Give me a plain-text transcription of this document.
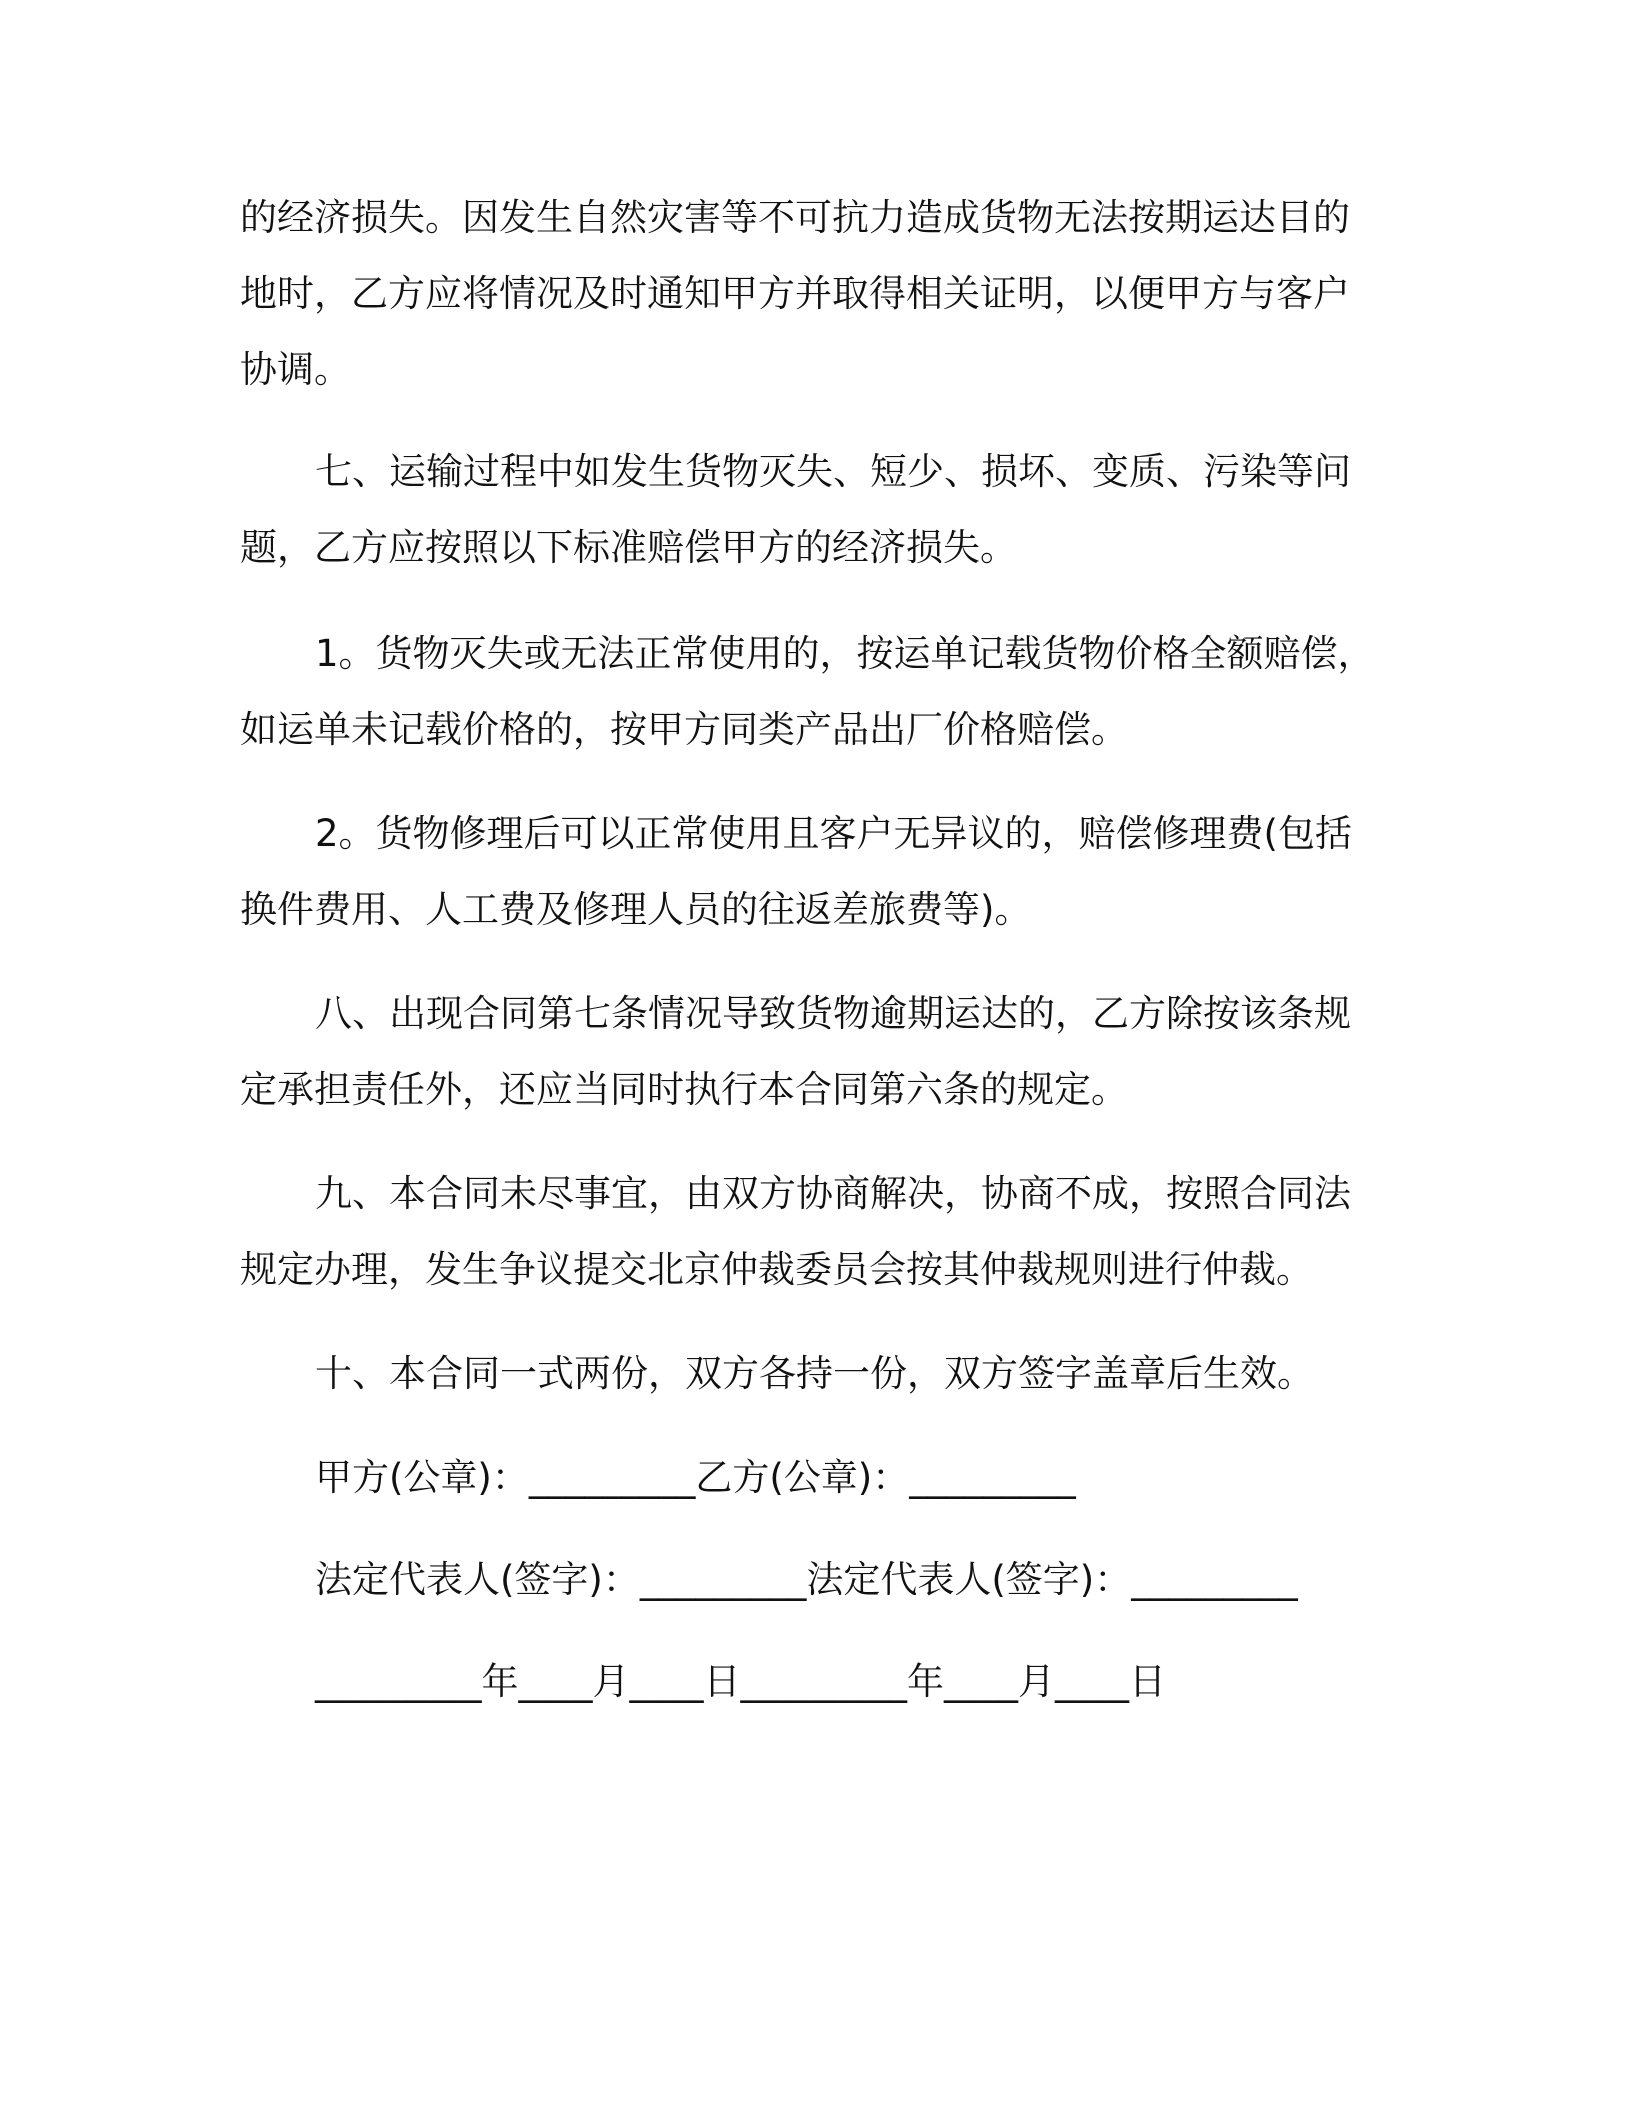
的经济损失。因发生自然灾害等不可抗力造成货物无法按期运达目的
地时，乙方应将情况及时通知甲方并取得相关证明，以便甲方与客户
协调。
七、运输过程中如发生货物灭失、短少、损坏、变质、污染等问
题，乙方应按照以下标准赔偿甲方的经济损失。
1。货物灭失或无法正常使用的，按运单记载货物价格全额赔偿，
如运单未记载价格的，按甲方同类产品出厂价格赔偿。
2。货物修理后可以正常使用且客户无异议的，赔偿修理费(包括
换件费用、人工费及修理人员的往返差旅费等)。
八、出现合同第七条情况导致货物逾期运达的，乙方除按该条规
定承担责任外，还应当同时执行本合同第六条的规定。
九、本合同未尽事宜，由双方协商解决，协商不成，按照合同法
规定办理，发生争议提交北京仲裁委员会按其仲裁规则进行仲裁。
十、本合同一式两份，双方各持一份，双方签字盖章后生效。
甲方(公章)：_________乙方(公章)：_________
法定代表人(签字)：_________法定代表人(签字)：_________
_________年____月____日_________年____月____日
